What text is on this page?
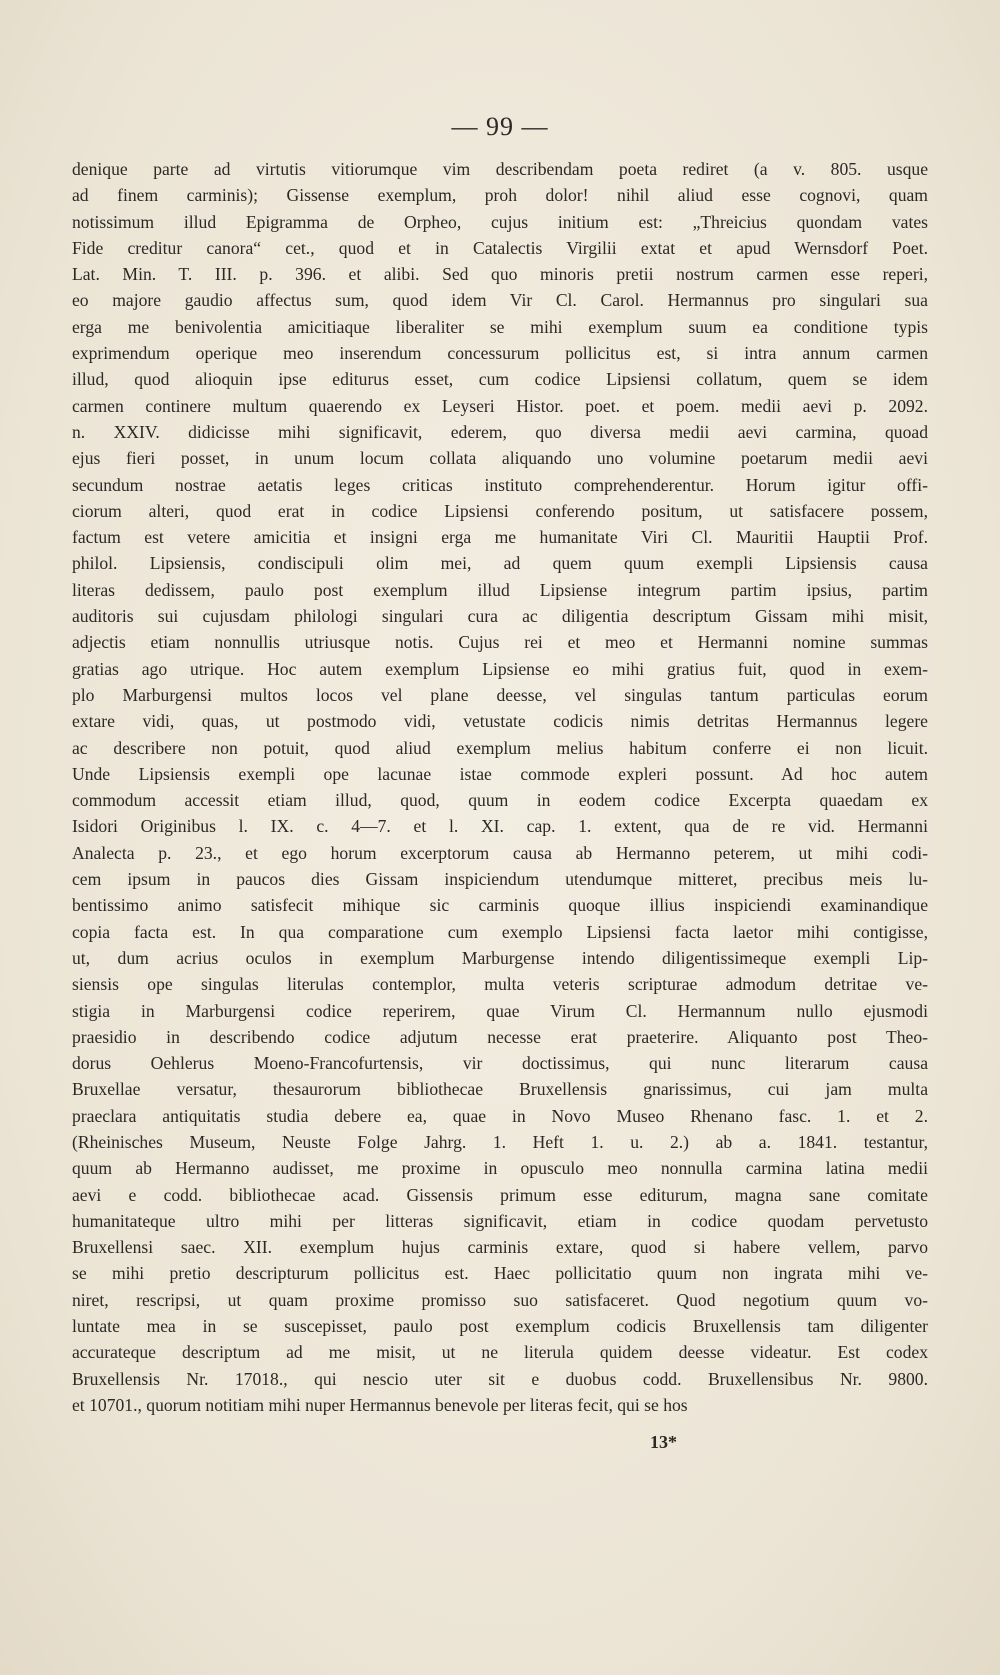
— 99 —
denique parte ad virtutis vitiorumque vim describendam poeta rediret (a v. 805. usque
ad finem carminis); Gissense exemplum, proh dolor! nihil aliud esse cognovi, quam
notissimum illud Epigramma de Orpheo, cujus initium est: „Threicius quondam vates
Fide creditur canora“ cet., quod et in Catalectis Virgilii extat et apud Wernsdorf Poet.
Lat. Min. T. III. p. 396. et alibi. Sed quo minoris pretii nostrum carmen esse reperi,
eo majore gaudio affectus sum, quod idem Vir Cl. Carol. Hermannus pro singulari sua
erga me benivolentia amicitiaque liberaliter se mihi exemplum suum ea conditione typis
exprimendum operique meo inserendum concessurum pollicitus est, si intra annum carmen
illud, quod alioquin ipse editurus esset, cum codice Lipsiensi collatum, quem se idem
carmen continere multum quaerendo ex Leyseri Histor. poet. et poem. medii aevi p. 2092.
n. XXIV. didicisse mihi significavit, ederem, quo diversa medii aevi carmina, quoad
ejus fieri posset, in unum locum collata aliquando uno volumine poetarum medii aevi
secundum nostrae aetatis leges criticas instituto comprehenderentur. Horum igitur offi-
ciorum alteri, quod erat in codice Lipsiensi conferendo positum, ut satisfacere possem,
factum est vetere amicitia et insigni erga me humanitate Viri Cl. Mauritii Hauptii Prof.
philol. Lipsiensis, condiscipuli olim mei, ad quem quum exempli Lipsiensis causa
literas dedissem, paulo post exemplum illud Lipsiense integrum partim ipsius, partim
auditoris sui cujusdam philologi singulari cura ac diligentia descriptum Gissam mihi misit,
adjectis etiam nonnullis utriusque notis. Cujus rei et meo et Hermanni nomine summas
gratias ago utrique. Hoc autem exemplum Lipsiense eo mihi gratius fuit, quod in exem-
plo Marburgensi multos locos vel plane deesse, vel singulas tantum particulas eorum
extare vidi, quas, ut postmodo vidi, vetustate codicis nimis detritas Hermannus legere
ac describere non potuit, quod aliud exemplum melius habitum conferre ei non licuit.
Unde Lipsiensis exempli ope lacunae istae commode expleri possunt. Ad hoc autem
commodum accessit etiam illud, quod, quum in eodem codice Excerpta quaedam ex
Isidori Originibus l. IX. c. 4—7. et l. XI. cap. 1. extent, qua de re vid. Hermanni
Analecta p. 23., et ego horum excerptorum causa ab Hermanno peterem, ut mihi codi-
cem ipsum in paucos dies Gissam inspiciendum utendumque mitteret, precibus meis lu-
bentissimo animo satisfecit mihique sic carminis quoque illius inspiciendi examinandique
copia facta est. In qua comparatione cum exemplo Lipsiensi facta laetor mihi contigisse,
ut, dum acrius oculos in exemplum Marburgense intendo diligentissimeque exempli Lip-
siensis ope singulas literulas contemplor, multa veteris scripturae admodum detritae ve-
stigia in Marburgensi codice reperirem, quae Virum Cl. Hermannum nullo ejusmodi
praesidio in describendo codice adjutum necesse erat praeterire. Aliquanto post Theo-
dorus Oehlerus Moeno-Francofurtensis, vir doctissimus, qui nunc literarum causa
Bruxellae versatur, thesaurorum bibliothecae Bruxellensis gnarissimus, cui jam multa
praeclara antiquitatis studia debere ea, quae in Novo Museo Rhenano fasc. 1. et 2.
(Rheinisches Museum, Neuste Folge Jahrg. 1. Heft 1. u. 2.) ab a. 1841. testantur,
quum ab Hermanno audisset, me proxime in opusculo meo nonnulla carmina latina medii
aevi e codd. bibliothecae acad. Gissensis primum esse editurum, magna sane comitate
humanitateque ultro mihi per litteras significavit, etiam in codice quodam pervetusto
Bruxellensi saec. XII. exemplum hujus carminis extare, quod si habere vellem, parvo
se mihi pretio descripturum pollicitus est. Haec pollicitatio quum non ingrata mihi ve-
niret, rescripsi, ut quam proxime promisso suo satisfaceret. Quod negotium quum vo-
luntate mea in se suscepisset, paulo post exemplum codicis Bruxellensis tam diligenter
accurateque descriptum ad me misit, ut ne literula quidem deesse videatur. Est codex
Bruxellensis Nr. 17018., qui nescio uter sit e duobus codd. Bruxellensibus Nr. 9800.
et 10701., quorum notitiam mihi nuper Hermannus benevole per literas fecit, qui se hos
13*
